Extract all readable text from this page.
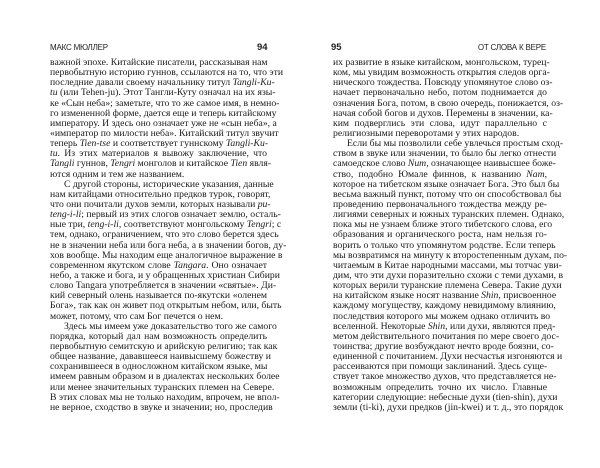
МАКС МЮЛЛЕР	94
важной эпохе. Китайские писатели, рассказывая нам
первобытную историю гуннов, ссылаются на то, что эти
последние давали своему начальнику титул Tangli-Ku-
tu (или Tehen-ju). Этот Тангли-Куту означал на их язы-
ке «Сын неба»; заметьте, что то же самое имя, в немно-
го измененной форме, дается еще и теперь китайскому
императору. И здесь оно означает уже не «сын неба», а
«император по милости неба». Китайский титул звучит
теперь Tien-tse и соответствует гуннскому Tangli-Ku-
tu. Из этих материалов я вывожу заключение, что
Tangli гуннов, Tengri монголов и китайское Tien явля-
ются одним и тем же названием.
С другой стороны, исторические указания, данные
нам китайцами относительно предков турок, говорят,
что они почитали духов земли, которых называли pu-
teng-i-li; первый из этих слогов означает землю, осталь-
ные три, teng-i-li, соответствуют монгольскому Tengri; с
тем, однако, ограничением, что это слово берется здесь
не в значении неба или бога неба, а в значении богов, ду-
хов вообще. Мы находим еще аналогичное выражение в
современном якутском слове Tangara. Оно означает
небо, а также и бога, и у обращенных христиан Сибири
слово Tangara употребляется в значении «святые». Ди-
кий северный олень называется по-якутски «оленем
Бога», так как он живет под открытым небом, или, быть
может, потому, что сам Бог печется о нем.
Здесь мы имеем уже доказательство того же самого
порядка, который дал нам возможность определить
первобытную семитскую и арийскую религию; так как
общее название, дававшееся наивысшему божеству и
сохранившееся в односложном китайском языке, мы
имеем равным образом и в диалектах нескольких более
или менее значительных туранских племен на Севере.
В этих словах мы не только находим, впрочем, не впол-
не верное, сходство в звуке и значении; но, проследив
95	ОТ СЛОВА К ВЕРЕ
их развитие в языке китайском, монгольском, турец-
ком, мы увидим возможность открытия следов орга-
нического тождества. Повсюду упомянутое слово оз-
начает первоначально небо, потом поднимается до
означения Бога, потом, в свою очередь, понижается, оз-
начая собой богов и духов. Перемены в значении, ка-
ким подверглись эти слова, идут параллельно с
религиозными переворотами у этих народов.
Если бы мы позволили себе увлечься простым сход-
ством в звуке или значении, то было бы легко отнести
самоедское слово Num, означающее наивысшее боже-
ство, подобно Юмале финнов, к названию Nam,
которое на тибетском языке означает Бога. Это был бы
весьма важный пункт, потому что он способствовал бы
проведению первоначального тождества между ре-
лигиями северных и южных туранских племен. Однако,
пока мы не узнаем ближе этого тибетского слова, его
образования и органического роста, нам нельзя го-
ворить о только что упомянутом родстве. Если теперь
мы возвратимся на минуту к второстепенным духам, по-
читаемым в Китае народными массами, мы тотчас уви-
дим, что эти духи поразительно схожи с теми духами, в
которых верили туранские племена Севера. Такие духи
на китайском языке носят название Shin, присвоенное
каждому могуществу, каждому невидимому влиянию,
последствия которого мы можем однако отличить во
вселенной. Некоторые Shin, или духи, являются пред-
метом действительного почитания по мере своего дос-
тоинства; другие возбуждают нечто вроде боязни, со-
единенной с почитанием. Духи несчастья изгоняются и
рассеиваются при помощи заклинаний. Здесь суще-
ствует такое множество духов, что представляется не-
возможным определить точно их число. Главные
категории следующие: небесные духи (tien-shin), духи
земли (ti-ki), духи предков (jin-kwei) и т. д., это порядок
